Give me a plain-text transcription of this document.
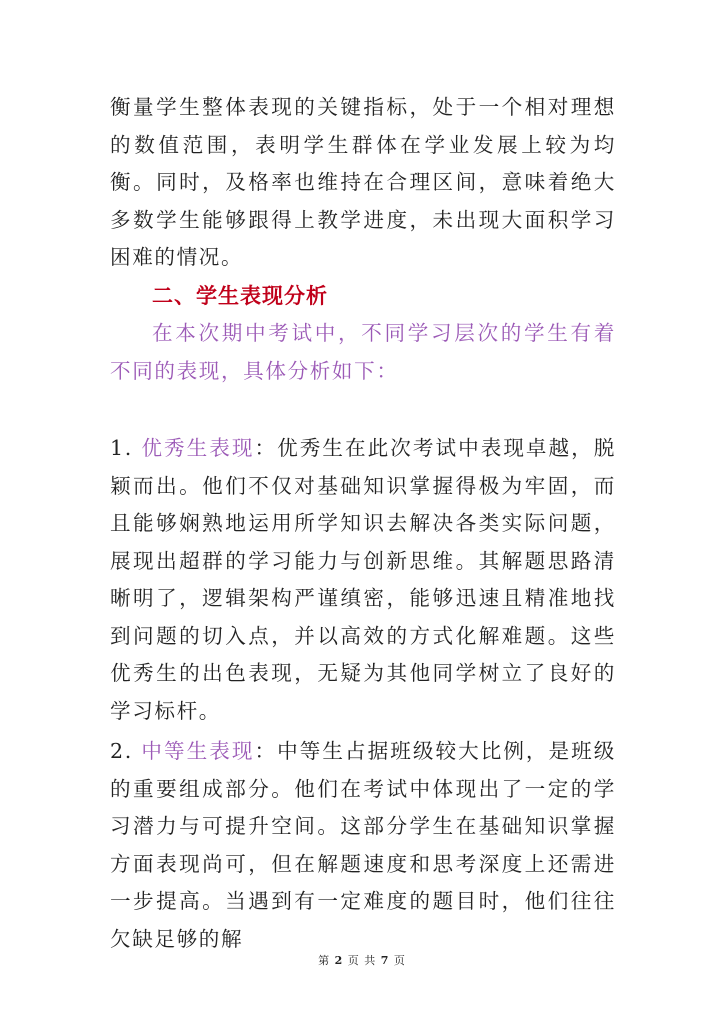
衡量学生整体表现的关键指标，处于一个相对理想的数值范围，表明学生群体在学业发展上较为均衡。同时，及格率也维持在合理区间，意味着绝大多数学生能够跟得上教学进度，未出现大面积学习困难的情况。

二、学生表现分析

在本次期中考试中，不同学习层次的学生有着不同的表现，具体分析如下：

1. 优秀生表现：优秀生在此次考试中表现卓越，脱颖而出。他们不仅对基础知识掌握得极为牢固，而且能够娴熟地运用所学知识去解决各类实际问题，展现出超群的学习能力与创新思维。其解题思路清晰明了，逻辑架构严谨缜密，能够迅速且精准地找到问题的切入点，并以高效的方式化解难题。这些优秀生的出色表现，无疑为其他同学树立了良好的学习标杆。

2. 中等生表现：中等生占据班级较大比例，是班级的重要组成部分。他们在考试中体现出了一定的学习潜力与可提升空间。这部分学生在基础知识掌握方面表现尚可，但在解题速度和思考深度上还需进一步提高。当遇到有一定难度的题目时，他们往往欠缺足够的解

第 2 页 共 7 页
